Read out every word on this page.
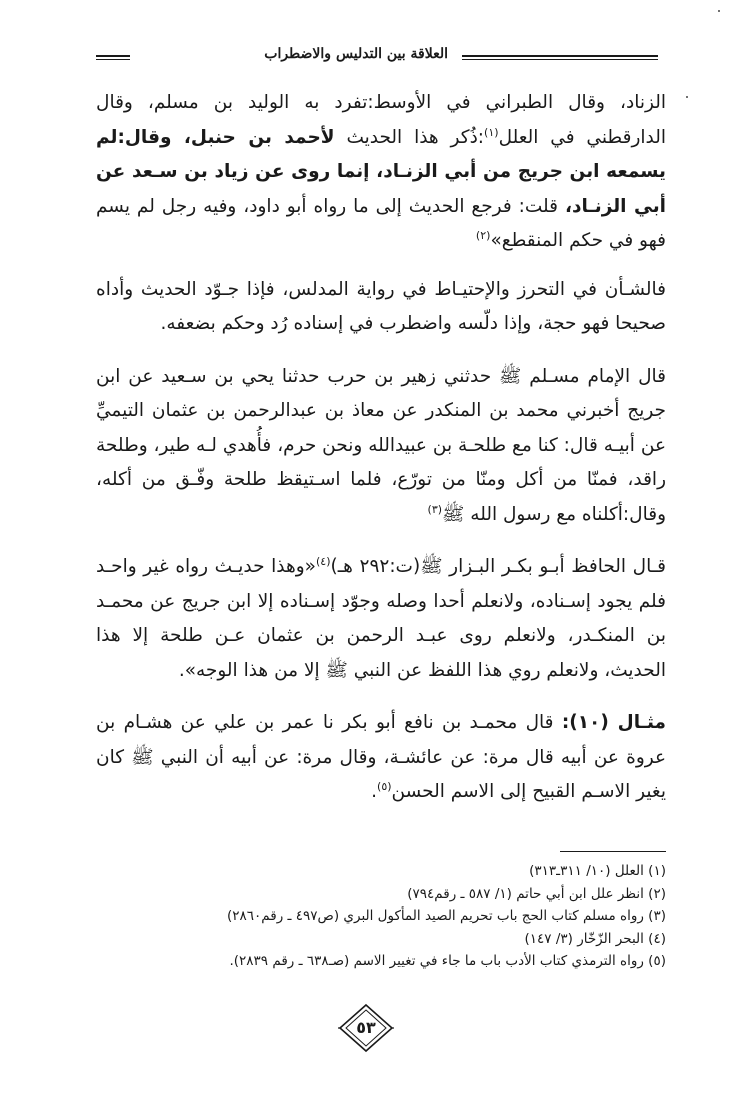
العلاقة بين التدليس والاضطراب

الزناد، وقال الطبراني في الأوسط:تفرد به الوليد بن مسلم، وقال الدارقطني في العلل$^{(١)}$:ذُكر هذا الحديث لأحمد بن حنبل، وقال:لم يسمعه ابن جريج من أبي الزنـاد، إنما روى عن زياد بن سـعد عن أبي الزنـاد، قلت: فرجع الحديث إلى ما رواه أبو داود، وفيه رجل لم يسم فهو في حكم المنقطع»$^{(٢)}$

فالشـأن في التحرز والإحتيـاط في رواية المدلس، فإذا جـوّد الحديث وأداه صحيحا فهو حجة، وإذا دلّسه واضطرب في إسناده رُد وحكم بضعفه.

قال الإمام مسـلم ﷺ حدثني زهير بن حرب حدثنا يحي بن سـعيد عن ابن جريج أخبرني محمد بن المنكدر عن معاذ بن عبدالرحمن بن عثمان التيميِّ عن أبيـه قال: كنا مع طلحـة بن عبيدالله ونحن حرم، فأُهدي لـه طير، وطلحة راقد، فمنّا من أكل ومنّا من تورّع، فلما اسـتيقظ طلحة وفّـق من أكله، وقال:أكلناه مع رسول الله ﷺ$^{(٣)}$

قـال الحافظ أبـو بكـر البـزار ﷺ(ت:٢٩٢ هـ)$^{(٤)}$«وهذا حديـث رواه غير واحـد فلم يجود إسـناده، ولانعلم أحدا وصله وجوّد إسـناده إلا ابن جريج عن محمـد بن المنكـدر، ولانعلم روى عبـد الرحمن بن عثمان عـن طلحة إلا هذا الحديث، ولانعلم روي هذا اللفظ عن النبي ﷺ إلا من هذا الوجه».

مثـال (١٠): قال محمـد بن نافع أبو بكر نا عمر بن علي عن هشـام بن عروة عن أبيه قال مرة: عن عائشـة، وقال مرة: عن أبيه أن النبي ﷺ كان يغير الاسـم القبيح إلى الاسم الحسن$^{(٥)}$.

(١) العلل (١٠/ ٣١١ـ٣١٣)
(٢) انظر علل ابن أبي حاتم (١/ ٥٨٧ ـ رقم٧٩٤)
(٣) رواه مسلم كتاب الحج باب تحريم الصيد المأكول البري (ص٤٩٧ ـ رقم٢٨٦٠)
(٤) البحر الزّخّار (٣/ ١٤٧)
(٥) رواه الترمذي كتاب الأدب باب ما جاء في تغيير الاسم (صـ٦٣٨ ـ رقم ٢٨٣٩).
٥٣
